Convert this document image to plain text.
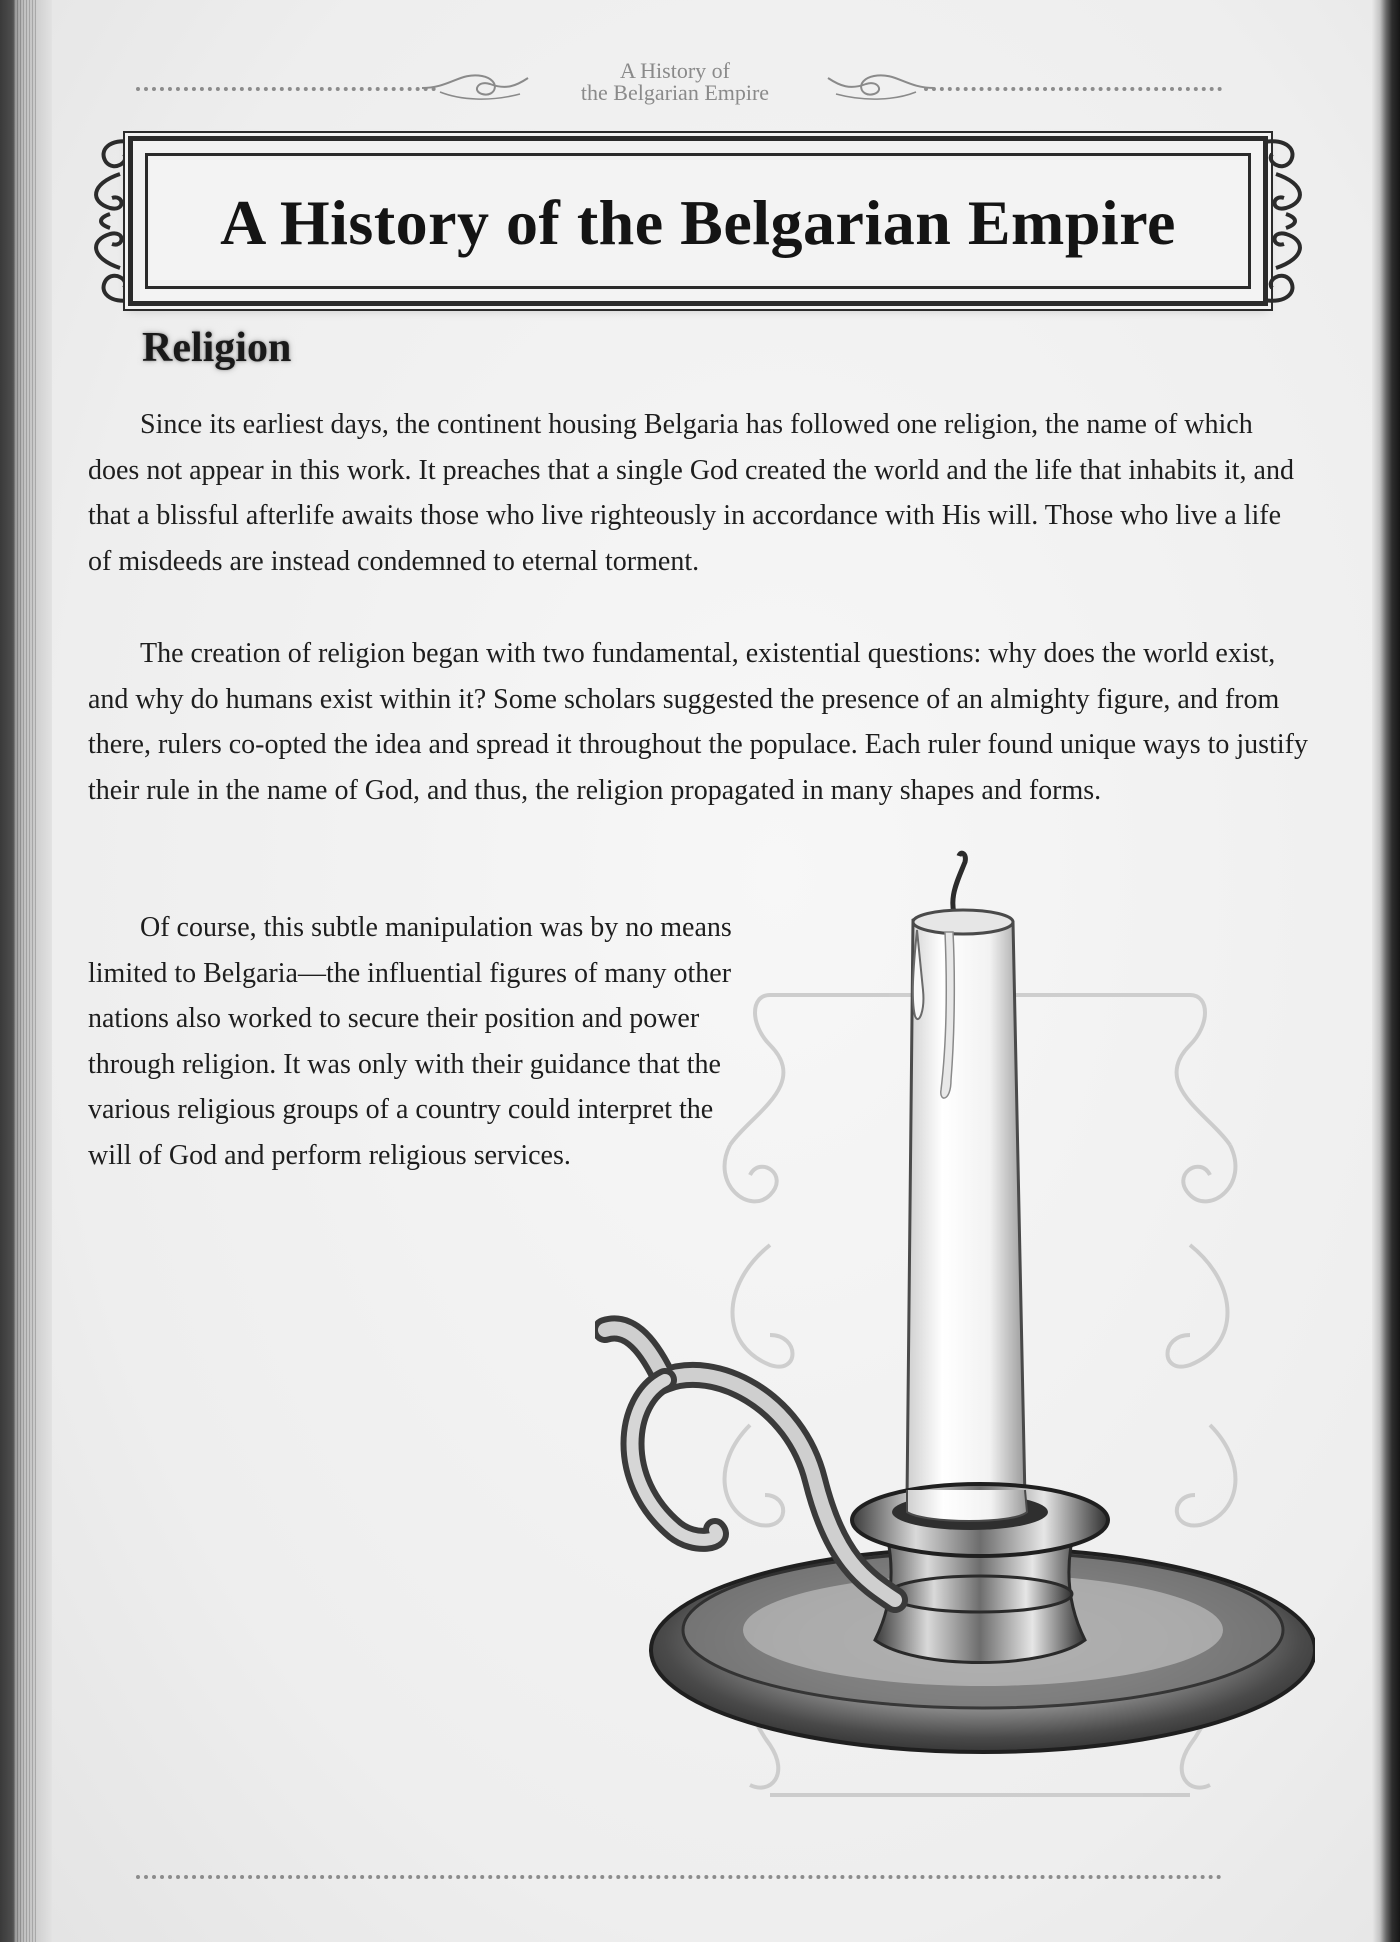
A History of
the Belgarian Empire
A History of the Belgarian Empire
Religion

Since its earliest days, the continent housing Belgaria has followed one religion, the name of which does not appear in this work. It preaches that a single God created the world and the life that inhabits it, and that a blissful afterlife awaits those who live righteously in accordance with His will. Those who live a life of misdeeds are instead condemned to eternal torment.

The creation of religion began with two fundamental, existential questions: why does the world exist, and why do humans exist within it? Some scholars suggested the presence of an almighty figure, and from there, rulers co-opted the idea and spread it throughout the populace. Each ruler found unique ways to justify their rule in the name of God, and thus, the religion propagated in many shapes and forms.

Of course, this subtle manipulation was by no means limited to Belgaria—the influential figures of many other nations also worked to secure their position and power through religion. It was only with their guidance that the various religious groups of a country could interpret the will of God and perform religious services.
